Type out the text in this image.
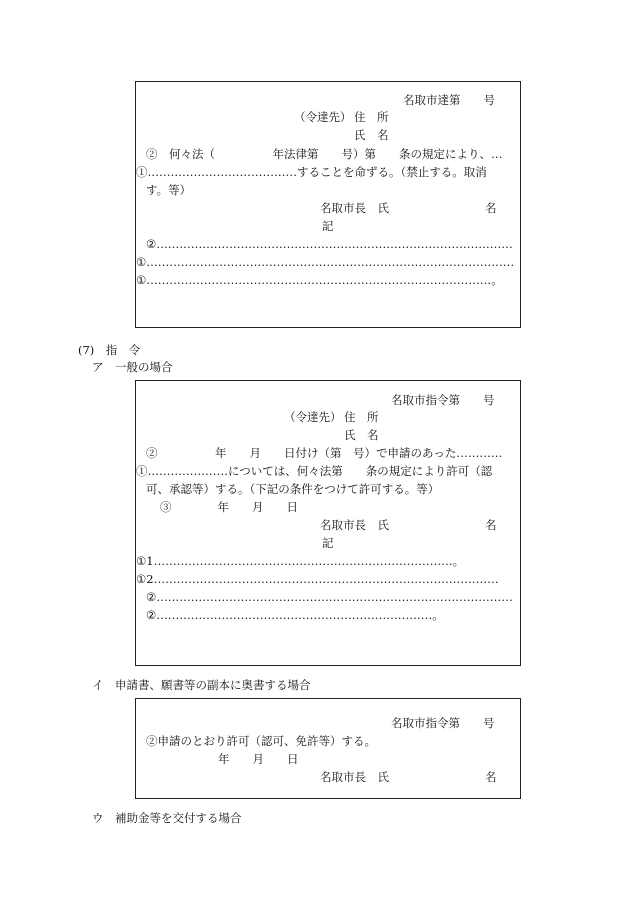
名取市達第　　号
（令達先） 住　所
氏　名
②　何々法（　　　　　年法律第　　号）第　　条の規定により、…
①…………………………………することを命ずる。（禁止する。取消
す。等）
名取市長　氏	名
記
②…………………………………………………………………………………
①……………………………………………………………………………………
①………………………………………………………………………………。
(7)　指　令
ア　一般の場合
名取市指令第　　号
（令達先） 住　所
氏　名
②　　　　　年　　月　　日付け（第　号）で申請のあった…………
①…………………については、何々法第　　条の規定により許可（認
可、承認等）する。（下記の条件をつけて許可する。等）
③　　　　年　　月　　日
名取市長　氏	名
記
①1……………………………………………………………………。
①2………………………………………………………………………………
②…………………………………………………………………………………
②………………………………………………………………。
イ　申請書、願書等の副本に奥書する場合
名取市指令第　　号
②申請のとおり許可（認可、免許等）する。
年　　月　　日
名取市長　氏	名
ウ　補助金等を交付する場合
